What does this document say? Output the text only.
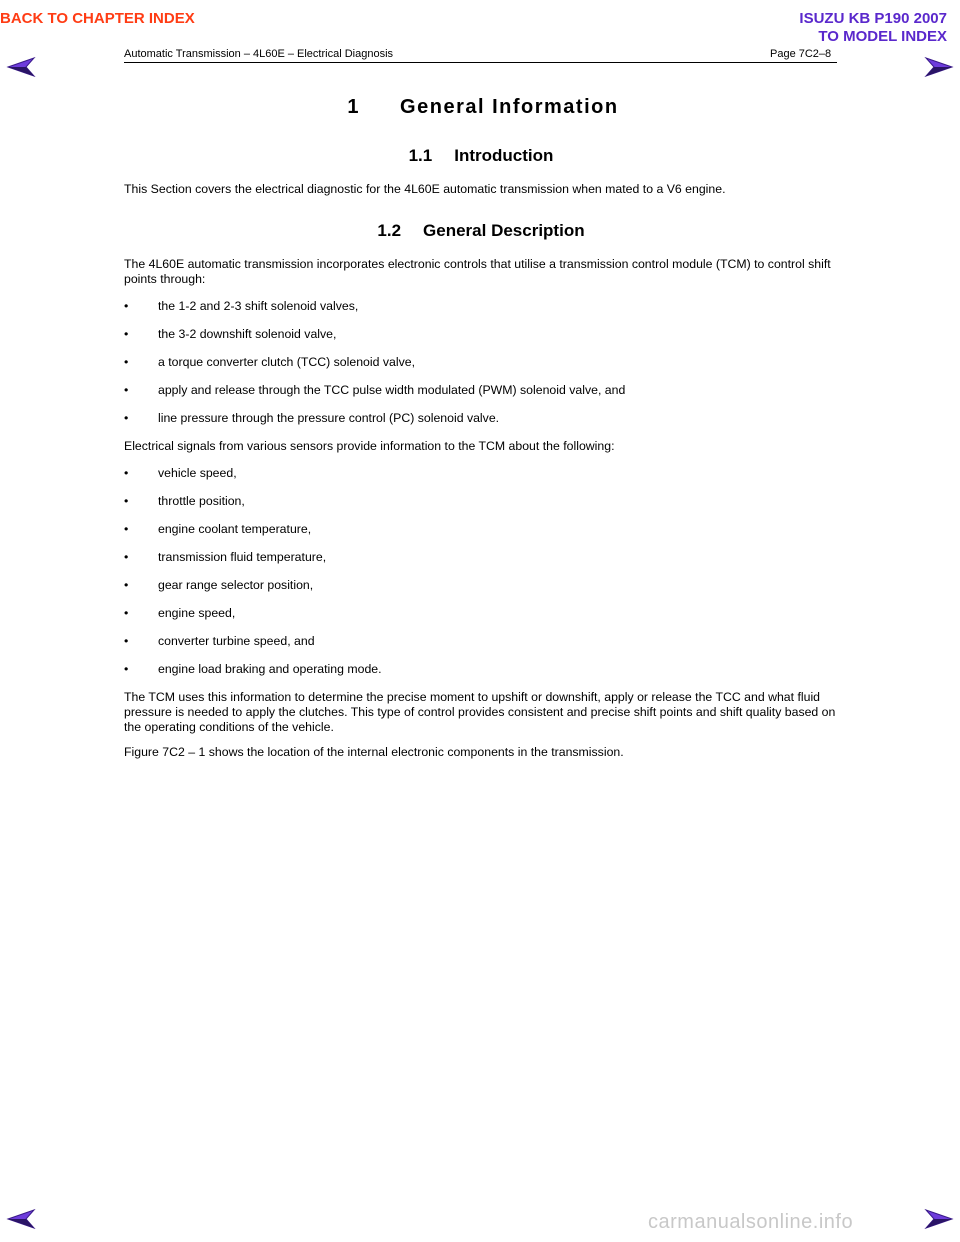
BACK TO CHAPTER INDEX	ISUZU KB P190 2007
TO MODEL INDEX
Automatic Transmission – 4L60E – Electrical Diagnosis	Page 7C2–8
1 General Information
1.1 Introduction

This Section covers the electrical diagnostic for the 4L60E automatic transmission when mated to a V6 engine.

1.2 General Description

The 4L60E automatic transmission incorporates electronic controls that utilise a transmission control module (TCM) to control shift points through:

• the 1-2 and 2-3 shift solenoid valves,
• the 3-2 downshift solenoid valve,
• a torque converter clutch (TCC) solenoid valve,
• apply and release through the TCC pulse width modulated (PWM) solenoid valve, and
• line pressure through the pressure control (PC) solenoid valve.

Electrical signals from various sensors provide information to the TCM about the following:

• vehicle speed,
• throttle position,
• engine coolant temperature,
• transmission fluid temperature,
• gear range selector position,
• engine speed,
• converter turbine speed, and
• engine load braking and operating mode.

The TCM uses this information to determine the precise moment to upshift or downshift, apply or release the TCC and what fluid pressure is needed to apply the clutches. This type of control provides consistent and precise shift points and shift quality based on the operating conditions of the vehicle.

Figure 7C2 – 1 shows the location of the internal electronic components in the transmission.

carmanualsonline.info
